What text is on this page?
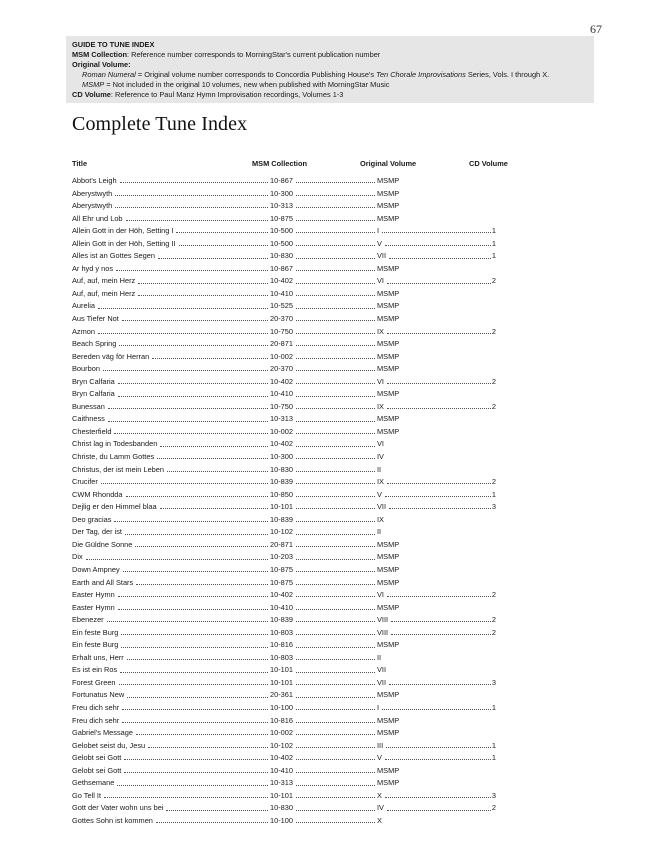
67
GUIDE TO TUNE INDEX
MSM Collection: Reference number corresponds to MorningStar's current publication number
Original Volume:
Roman Numeral = Original volume number corresponds to Concordia Publishing House's Ten Chorale Improvisations Series, Vols. I through X.
MSMP = Not included in the original 10 volumes, new when published with MorningStar Music
CD Volume: Reference to Paul Manz Hymn Improvisation recordings, Volumes 1-3
Complete Tune Index
Title	MSM Collection	Original Volume	CD Volume
Abbot's Leigh	10-867	MSMP
Aberystwyth	10-300	MSMP
Aberystwyth	10-313	MSMP
All Ehr und Lob	10-875	MSMP
Allein Gott in der Höh, Setting I	10-500	I	1
Allein Gott in der Höh, Setting II	10-500	V	1
Alles ist an Gottes Segen	10-830	VII	1
Ar hyd y nos	10-867	MSMP
Auf, auf, mein Herz	10-402	VI	2
Auf, auf, mein Herz	10-410	MSMP
Aurelia	10-525	MSMP
Aus Tiefer Not	20-370	MSMP
Azmon	10-750	IX	2
Beach Spring	20-871	MSMP
Bereden väg för Herran	10-002	MSMP
Bourbon	20-370	MSMP
Bryn Calfaria	10-402	VI	2
Bryn Calfaria	10-410	MSMP
Bunessan	10-750	IX	2
Caithness	10-313	MSMP
Chesterfield	10-002	MSMP
Christ lag in Todesbanden	10-402	VI
Christe, du Lamm Gottes	10-300	IV
Christus, der ist mein Leben	10-830	II
Crucifer	10-839	IX	2
CWM Rhondda	10-850	V	1
Dejlig er den Himmel blaa	10-101	VII	3
Deo gracias	10-839	IX
Der Tag, der ist	10-102	II
Die Güldne Sonne	20-871	MSMP
Dix	10-203	MSMP
Down Ampney	10-875	MSMP
Earth and All Stars	10-875	MSMP
Easter Hymn	10-402	VI	2
Easter Hymn	10-410	MSMP
Ebenezer	10-839	VIII	2
Ein feste Burg	10-803	VIII	2
Ein feste Burg	10-816	MSMP
Erhalt uns, Herr	10-803	II
Es ist ein Ros	10-101	VII
Forest Green	10-101	VII	3
Fortunatus New	20-361	MSMP
Freu dich sehr	10-100	I	1
Freu dich sehr	10-816	MSMP
Gabriel's Message	10-002	MSMP
Gelobet seist du, Jesu	10-102	III	1
Gelobt sei Gott	10-402	V	1
Gelobt sei Gott	10-410	MSMP
Gethsemane	10-313	MSMP
Go Tell It	10-101	X	3
Gott der Vater wohn uns bei	10-830	IV	2
Gottes Sohn ist kommen	10-100	X
